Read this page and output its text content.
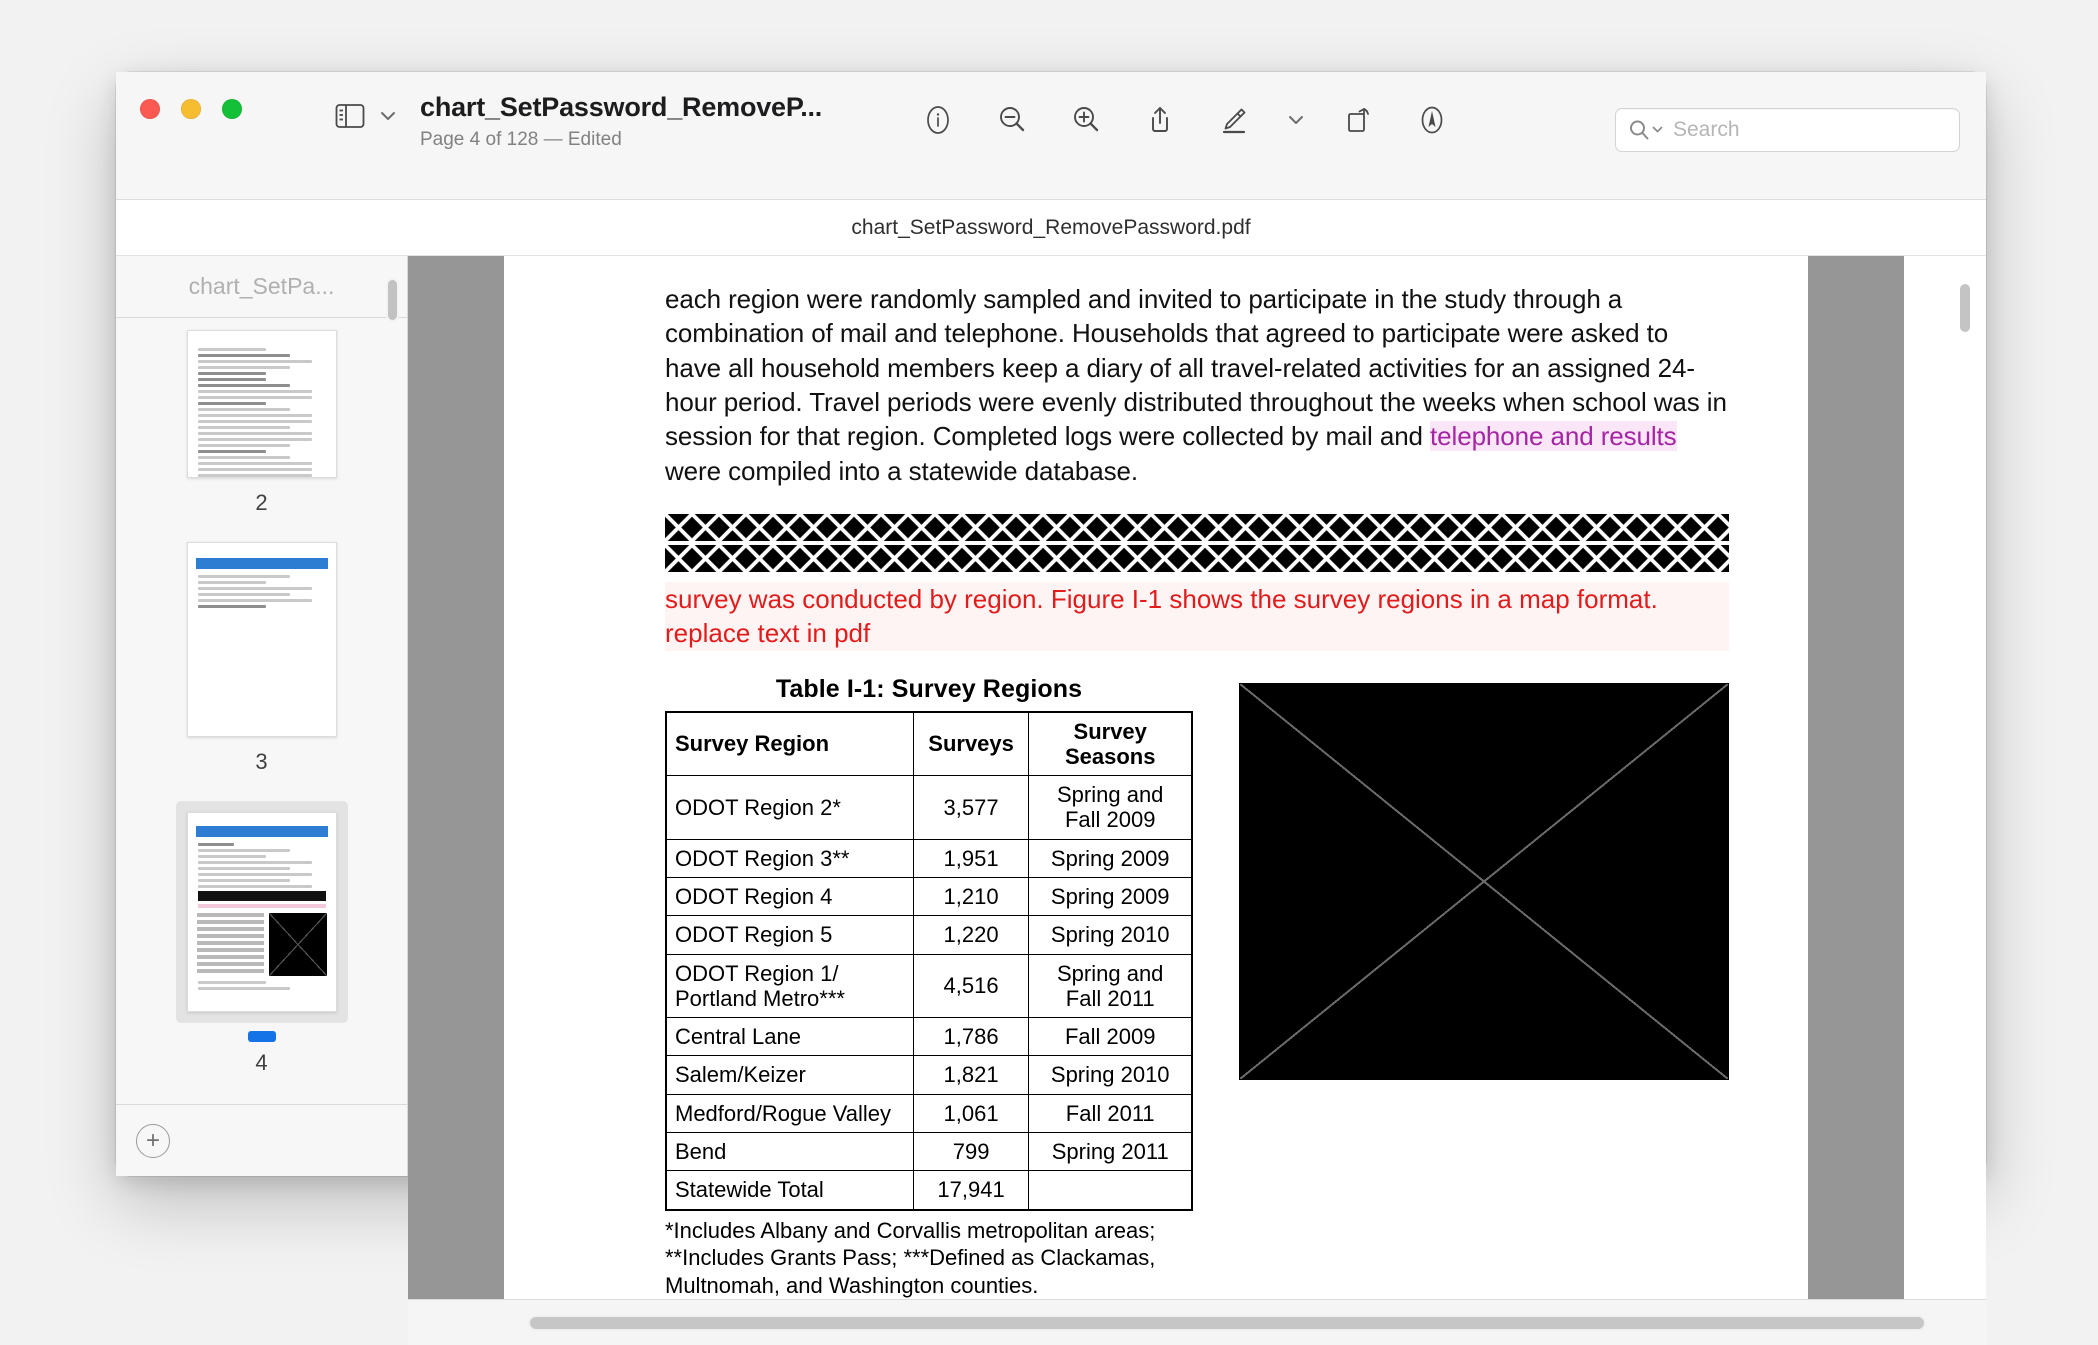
chart_SetPassword_RemoveP...
Page 4 of 128 — Edited
Search
chart_SetPassword_RemovePassword.pdf
chart_SetPa...
2
3
4
+

each region were randomly sampled and invited to participate in the study through a combination of mail and telephone. Households that agreed to participate were asked to have all household members keep a diary of all travel-related activities for an assigned 24-hour period. Travel periods were evenly distributed throughout the weeks when school was in session for that region. Completed logs were collected by mail and telephone and results were compiled into a statewide database.

survey was conducted by region. Figure I-1 shows the survey regions in a map format. replace text in pdf
Table I-1: Survey Regions
Survey Region	Surveys	Survey Seasons
ODOT Region 2*	3,577	Spring and Fall 2009
ODOT Region 3**	1,951	Spring 2009
ODOT Region 4	1,210	Spring 2009
ODOT Region 5	1,220	Spring 2010
ODOT Region 1/ Portland Metro***	4,516	Spring and Fall 2011
Central Lane	1,786	Fall 2009
Salem/Keizer	1,821	Spring 2010
Medford/Rogue Valley	1,061	Fall 2011
Bend	799	Spring 2011
Statewide Total	17,941	
*Includes Albany and Corvallis metropolitan areas; **Includes Grants Pass; ***Defined as Clackamas, Multnomah, and Washington counties.
